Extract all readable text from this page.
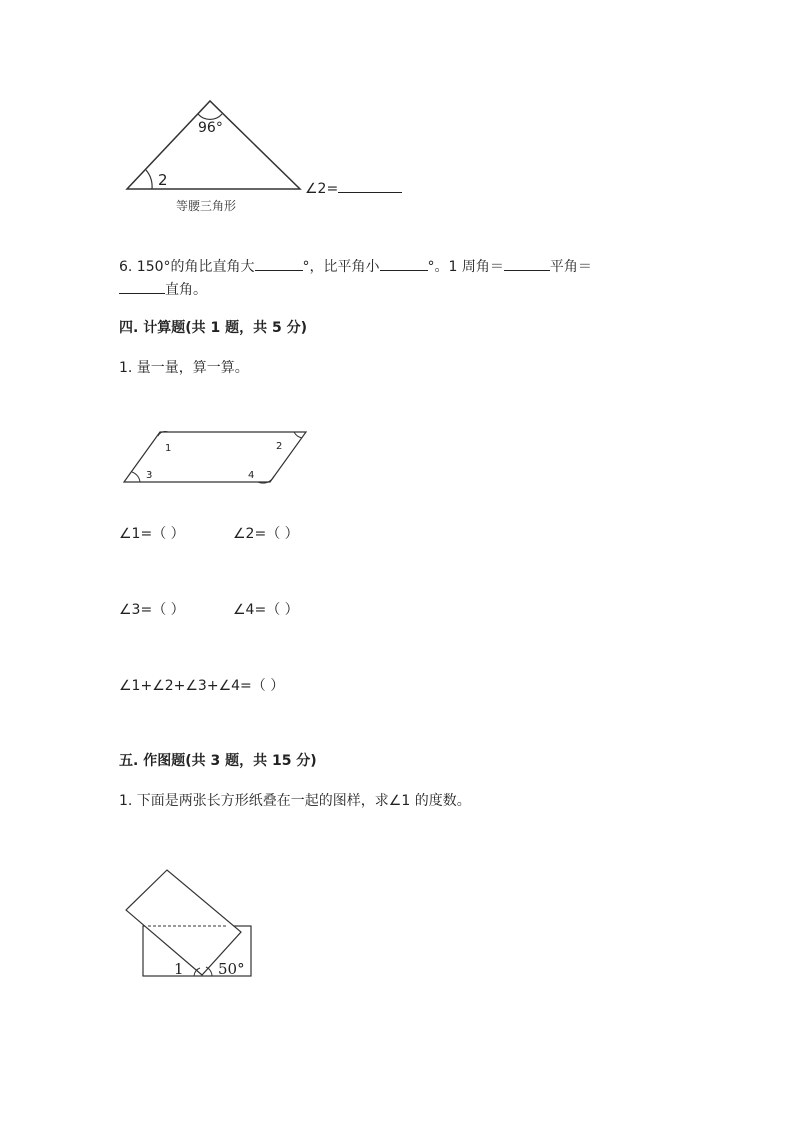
96°
2
等腰三角形
∠2=
6. 150°的角比直角大	°，比平角小	°。1 周角＝	平角＝
直角。
四. 计算题(共 1 题，共 5 分)
1. 量一量，算一算。
1	2
3	4
∠1=（ ）	∠2=（ ）
∠3=（ ）	∠4=（ ）
∠1+∠2+∠3+∠4=（ ）
五. 作图题(共 3 题，共 15 分)
1. 下面是两张长方形纸叠在一起的图样，求∠1 的度数。
1 50°
